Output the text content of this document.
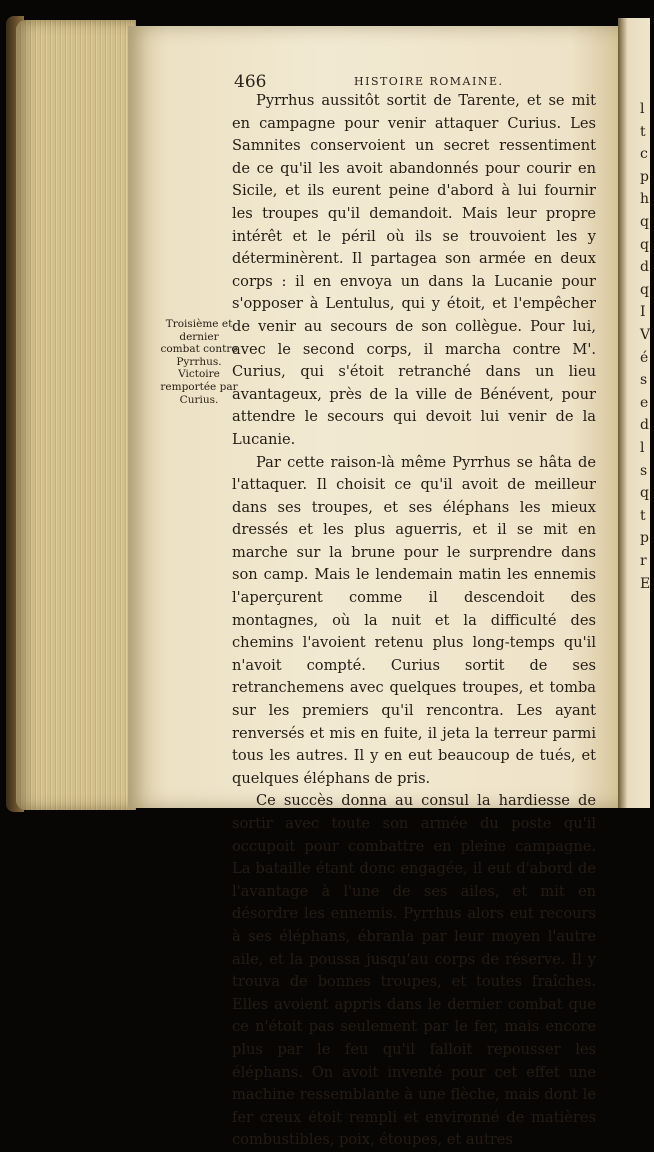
l
t
c
p
h
q
q
d
q
I
V
é
s
e
d
l
s
q
t
p
r
E
466	HISTOIRE ROMAINE.
Troisième et dernier combat contre Pyrrhus. Victoire remportée par Curius.

Pyrrhus aussitôt sortit de Tarente, et se mit en campagne pour venir attaquer Curius. Les Samnites conservoient un secret ressentiment de ce qu'il les avoit abandonnés pour courir en Sicile, et ils eurent peine d'abord à lui fournir les troupes qu'il demandoit. Mais leur propre intérêt et le péril où ils se trouvoient les y déterminèrent. Il partagea son armée en deux corps : il en envoya un dans la Lucanie pour s'opposer à Lentulus, qui y étoit, et l'empêcher de venir au secours de son collègue. Pour lui, avec le second corps, il marcha contre M'. Curius, qui s'étoit retranché dans un lieu avantageux, près de la ville de Bénévent, pour attendre le secours qui devoit lui venir de la Lucanie.

Par cette raison-là même Pyrrhus se hâta de l'attaquer. Il choisit ce qu'il avoit de meilleur dans ses troupes, et ses éléphans les mieux dressés et les plus aguerris, et il se mit en marche sur la brune pour le surprendre dans son camp. Mais le lendemain matin les ennemis l'aperçurent comme il descendoit des montagnes, où la nuit et la difficulté des chemins l'avoient retenu plus long-temps qu'il n'avoit compté. Curius sortit de ses retranchemens avec quelques troupes, et tomba sur les premiers qu'il rencontra. Les ayant renversés et mis en fuite, il jeta la terreur parmi tous les autres. Il y en eut beaucoup de tués, et quelques éléphans de pris.

Ce succès donna au consul la hardiesse de sortir avec toute son armée du poste qu'il occupoit pour combattre en pleine campagne. La bataille étant donc engagée, il eut d'abord de l'avantage à l'une de ses ailes, et mit en désordre les ennemis. Pyrrhus alors eut recours à ses éléphans, ébranla par leur moyen l'autre aile, et la poussa jusqu'au corps de réserve. Il y trouva de bonnes troupes, et toutes fraîches. Elles avoient appris dans le dernier combat que ce n'étoit pas seulement par le fer, mais encore plus par le feu qu'il falloit repousser les éléphans. On avoit inventé pour cet effet une machine ressemblante à une flèche, mais dont le fer creux étoit rempli et environné de matières combustibles, poix, étoupes, et autres
